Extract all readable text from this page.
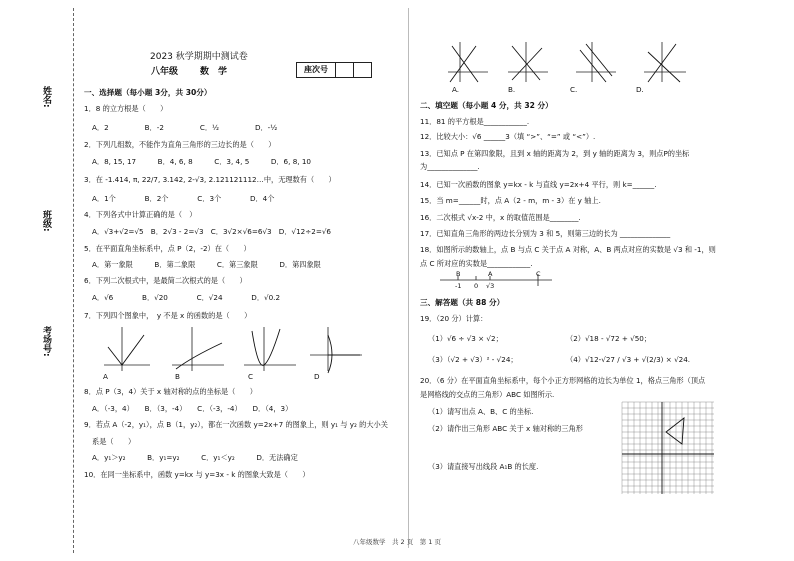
姓名:
班级:
考场号:
2023 秋学期期中测试卷
八年级 数　学	座次号
一、选择题（每小题 3分，共 30分）
1．8 的立方根是（　　）
A．2　　　　　B．-2　　　　　C．½　　　　　D．-½
2．下列几组数，不能作为直角三角形的三边长的是（　　）
A．8, 15, 17　　　B．4, 6, 8　　　C．3, 4, 5　　　D．6, 8, 10
3．在 -1.414, π, 22/7, 3.142, 2-√3, 2.121121112…中，无理数有（　　）
A．1个　　　　B．2个　　　　C．3个　　　　D．4个
4．下列各式中计算正确的是（　）
A．√3+√2=√5　B．2√3 - 2=√3　C．3√2×√6=6√3　D．√12÷2=√6
5．在平面直角坐标系中，点 P（2，-2）在（　　）
A．第一象限　　　B．第二象限　　　C．第三象限　　　D．第四象限
6．下列二次根式中，是最简二次根式的是（　　）
A．√6　　　　B．√20　　　　C．√24　　　　D．√0.2
7．下列四个图象中，　y 不是 x 的函数的是（　　）
A	B	C	D
8．点 P（3，4）关于 x 轴对称的点的坐标是（　　）
A．（-3，4）　　B．（3，-4）　　C．（-3，-4）　　D．（4，3）
9．若点 A（-2，y₁），点 B（1，y₂），都在一次函数 y=2x+7 的图象上，则 y₁ 与 y₂ 的大小关
系是（　　）
A．y₁＞y₂　　　B．y₁=y₂　　　C．y₁＜y₂　　　D．无法确定
10．在同一坐标系中，函数 y=kx 与 y=3x - k 的图象大致是（　　）
A.	B.	C.	D.
二、填空题（每小题 4 分，共 32 分）
11．81 的平方根是____________.
12．比较大小：√6 ______3（填 “>”、“=” 或 “<”）.
13．已知点 P 在第四象限，且到 x 轴的距离为 2，到 y 轴的距离为 3，则点P的坐标
为______________.
14．已知一次函数的图象 y=kx - k 与直线 y=2x+4 平行，则 k=______.
15．当 m=______时，点 A（2 - m，m - 3）在 y 轴上.
16．二次根式 √x-2 中，x 的取值范围是________.
17．已知直角三角形的两边长分别为 3 和 5，则第三边的长为 ______________
18．如图所示的数轴上，点 B 与点 C 关于点 A 对称，A、B 两点对应的实数是 √3 和 -1，则
点 C 所对应的实数是____________.
B	A	C
-1 0 √3
三、解答题（共 88 分）
19．（20 分）计算：
（1）√6 ÷ √3 × √2；	（2）√18 - √72 + √50；
（3）（√2 + √3）² - √24；	（4）√12-√27 / √3 + √(2/3) × √24.
20．（6 分）在平面直角坐标系中，每个小正方形网格的边长为单位 1，格点三角形（顶点
是网格线的交点的三角形）ABC 如图所示.
（1）请写出点 A、B、C 的坐标.
（2）请作出三角形 ABC 关于 x 轴对称的三角形
（3）请直接写出线段 A₁B 的长度.
八年级数学　共 2 页　第 1 页
